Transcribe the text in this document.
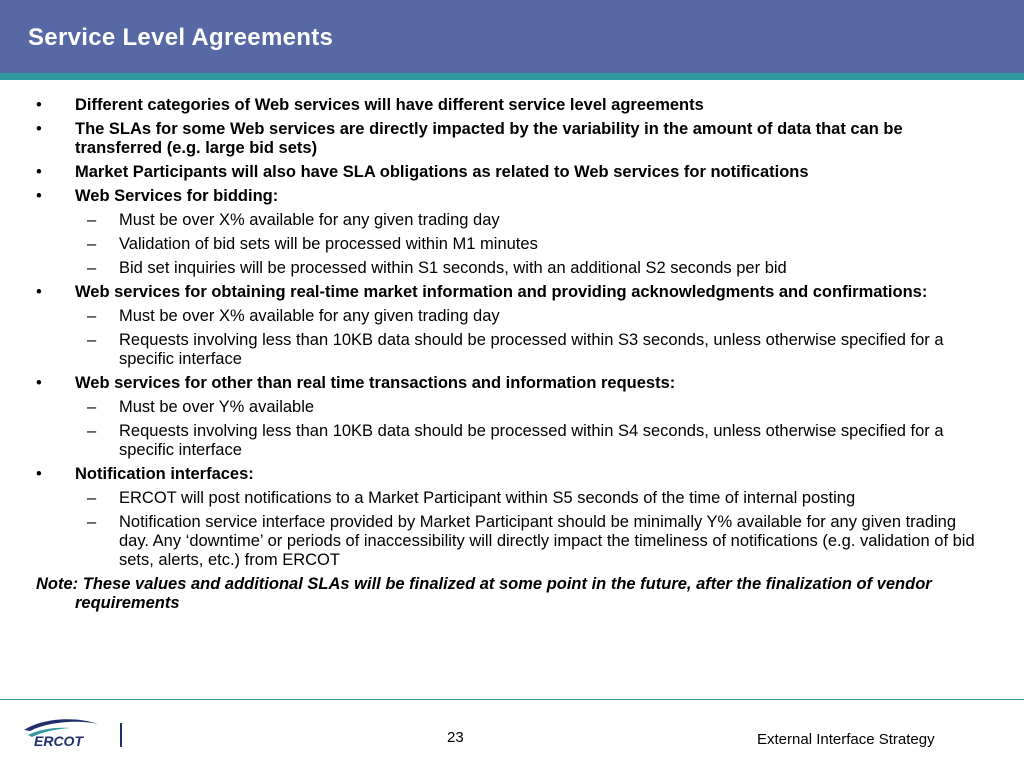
Service Level Agreements
• Different categories of Web services will have different service level agreements
• The SLAs for some Web services are directly impacted by the variability in the amount of data that can be transferred (e.g. large bid sets)
• Market Participants will also have SLA obligations as related to Web services for notifications
• Web Services for bidding:
– Must be over X% available for any given trading day
– Validation of bid sets will be processed within M1 minutes
– Bid set inquiries will be processed within S1 seconds, with an additional S2 seconds per bid
• Web services for obtaining real-time market information and providing acknowledgments and confirmations:
– Must be over X% available for any given trading day
– Requests involving less than 10KB data should be processed within S3 seconds, unless otherwise specified for a specific interface
• Web services for other than real time transactions and information requests:
– Must be over Y% available
– Requests involving less than 10KB data should be processed within S4 seconds, unless otherwise specified for a specific interface
• Notification interfaces:
– ERCOT will post notifications to a Market Participant within S5 seconds of the time of internal posting
– Notification service interface provided by Market Participant should be minimally Y% available for any given trading day. Any ‘downtime’ or periods of inaccessibility will directly impact the timeliness of notifications (e.g. validation of bid sets, alerts, etc.) from ERCOT
Note: These values and additional SLAs will be finalized at some point in the future, after the finalization of vendor requirements
ERCOT	23	External Interface Strategy
